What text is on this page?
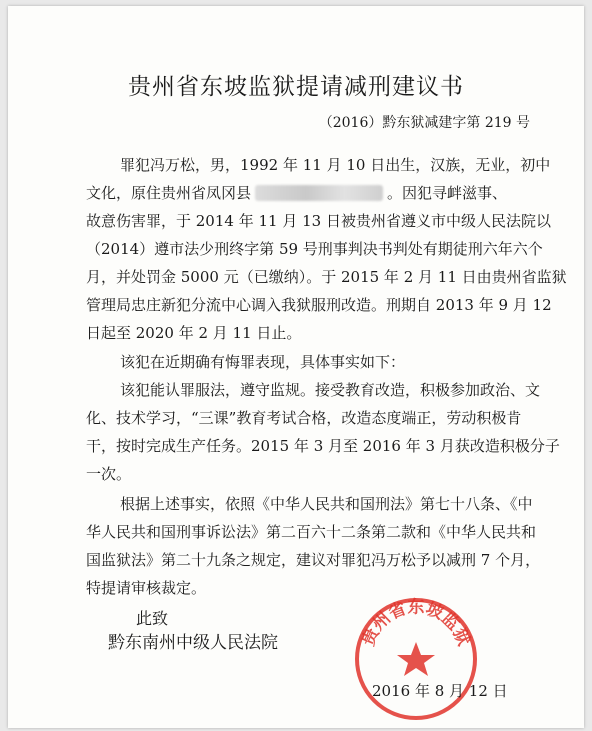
贵州省东坡监狱提请减刑建议书
（2016）黔东狱减建字第 219 号
罪犯冯万松，男，1992 年 11 月 10 日出生，汉族，无业，初中
文化，原住贵州省凤冈县	。因犯寻衅滋事、
故意伤害罪，于 2014 年 11 月 13 日被贵州省遵义市中级人民法院以
（2014）遵市法少刑终字第 59 号刑事判决书判处有期徒刑六年六个
月，并处罚金 5000 元（已缴纳）。于 2015 年 2 月 11 日由贵州省监狱
管理局忠庄新犯分流中心调入我狱服刑改造。刑期自 2013 年 9 月 12
日起至 2020 年 2 月 11 日止。
该犯在近期确有悔罪表现，具体事实如下：
该犯能认罪服法，遵守监规。接受教育改造，积极参加政治、文
化、技术学习，“三课”教育考试合格，改造态度端正，劳动积极肯
干，按时完成生产任务。2015 年 3 月至 2016 年 3 月获改造积极分子
一次。
根据上述事实，依照《中华人民共和国刑法》第七十八条、《中
华人民共和国刑事诉讼法》第二百六十二条第二款和《中华人民共和
国监狱法》第二十九条之规定，建议对罪犯冯万松予以减刑 7 个月，
特提请审核裁定。
此致
黔东南州中级人民法院	贵州省东坡监狱
2016 年 8 月 12 日
